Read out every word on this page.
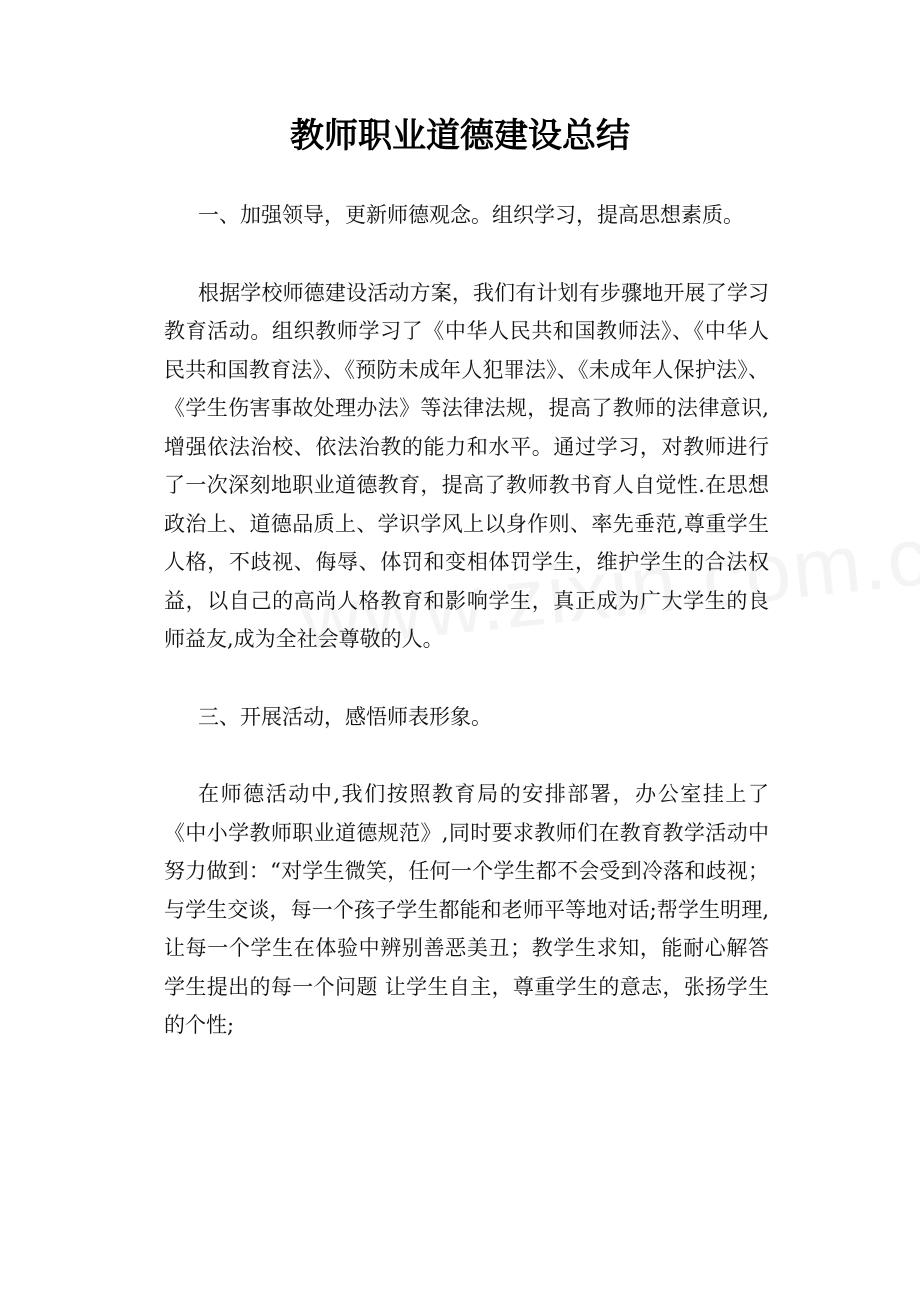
教师职业道德建设总结

一、加强领导，更新师德观念。组织学习，提高思想素质。

根据学校师德建设活动方案，我们有计划有步骤地开展了学习教育活动。组织教师学习了《中华人民共和国教师法》、《中华人民共和国教育法》、《预防未成年人犯罪法》、《未成年人保护法》、《学生伤害事故处理办法》等法律法规，提高了教师的法律意识,增强依法治校、依法治教的能力和水平。通过学习，对教师进行了一次深刻地职业道德教育，提高了教师教书育人自觉性.在思想政治上、道德品质上、学识学风上以身作则、率先垂范,尊重学生人格，不歧视、侮辱、体罚和变相体罚学生，维护学生的合法权益，以自己的高尚人格教育和影响学生，真正成为广大学生的良师益友,成为全社会尊敬的人。

三、开展活动，感悟师表形象。

在师德活动中,我们按照教育局的安排部署，办公室挂上了《中小学教师职业道德规范》,同时要求教师们在教育教学活动中努力做到：“对学生微笑，任何一个学生都不会受到冷落和歧视；与学生交谈，每一个孩子学生都能和老师平等地对话;帮学生明理,让每一个学生在体验中辨别善恶美丑；教学生求知，能耐心解答学生提出的每一个问题 让学生自主，尊重学生的意志，张扬学生的个性;
